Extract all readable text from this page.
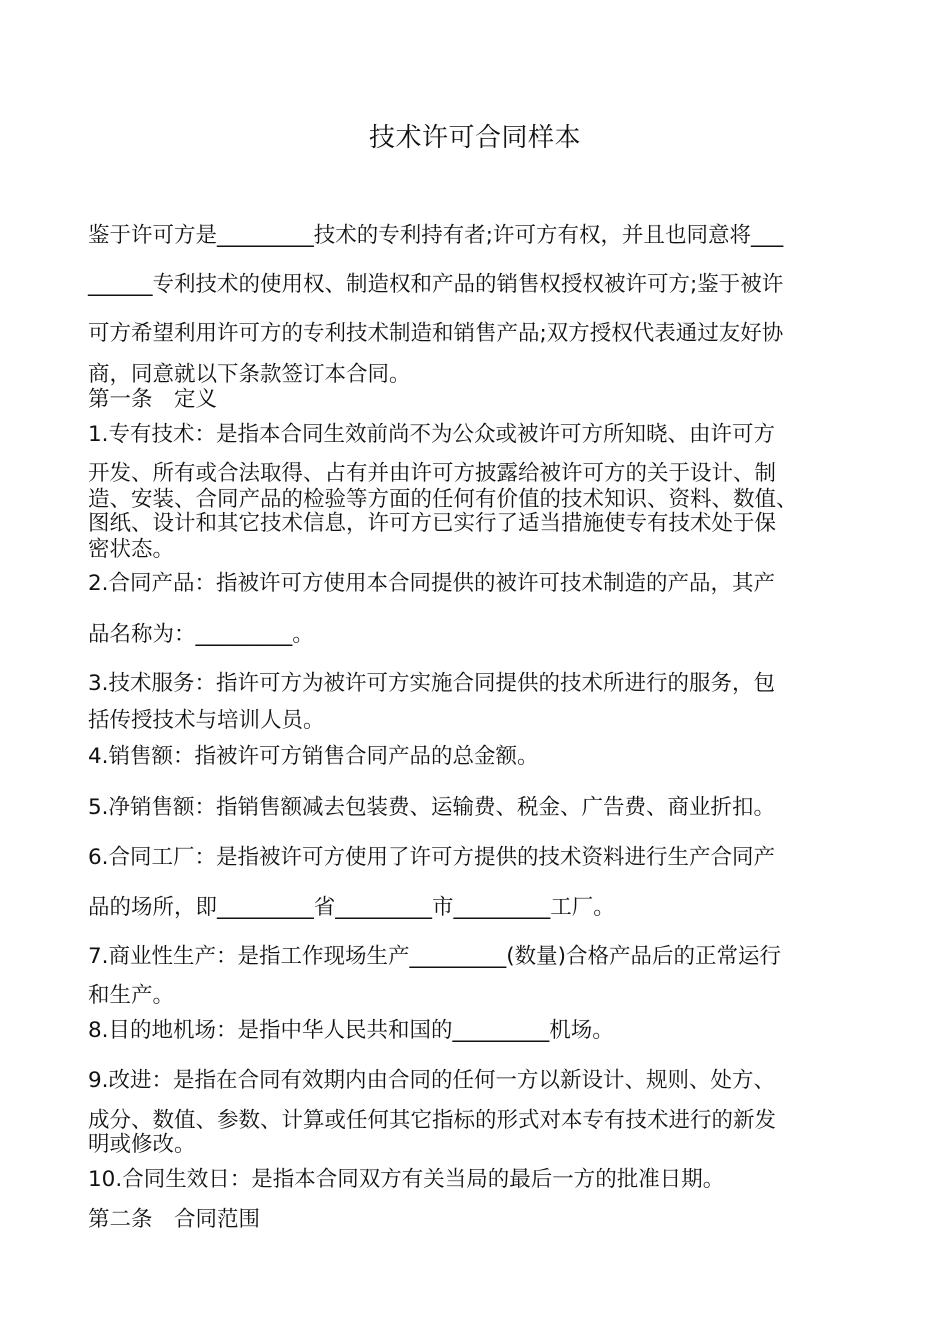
技术许可合同样本
鉴于许可方是_________技术的专利持有者;许可方有权，并且也同意将___
______专利技术的使用权、制造权和产品的销售权授权被许可方;鉴于被许
可方希望利用许可方的专利技术制造和销售产品;双方授权代表通过友好协
商，同意就以下条款签订本合同。
第一条　定义
1.专有技术：是指本合同生效前尚不为公众或被许可方所知晓、由许可方
开发、所有或合法取得、占有并由许可方披露给被许可方的关于设计、制
造、安装、合同产品的检验等方面的任何有价值的技术知识、资料、数值、
图纸、设计和其它技术信息，许可方已实行了适当措施使专有技术处于保
密状态。
2.合同产品：指被许可方使用本合同提供的被许可技术制造的产品，其产
品名称为：_________。
3.技术服务：指许可方为被许可方实施合同提供的技术所进行的服务，包
括传授技术与培训人员。
4.销售额：指被许可方销售合同产品的总金额。
5.净销售额：指销售额减去包装费、运输费、税金、广告费、商业折扣。
6.合同工厂：是指被许可方使用了许可方提供的技术资料进行生产合同产
品的场所，即_________省_________市_________工厂。
7.商业性生产：是指工作现场生产_________(数量)合格产品后的正常运行
和生产。
8.目的地机场：是指中华人民共和国的_________机场。
9.改进：是指在合同有效期内由合同的任何一方以新设计、规则、处方、
成分、数值、参数、计算或任何其它指标的形式对本专有技术进行的新发
明或修改。
10.合同生效日：是指本合同双方有关当局的最后一方的批准日期。
第二条　合同范围
